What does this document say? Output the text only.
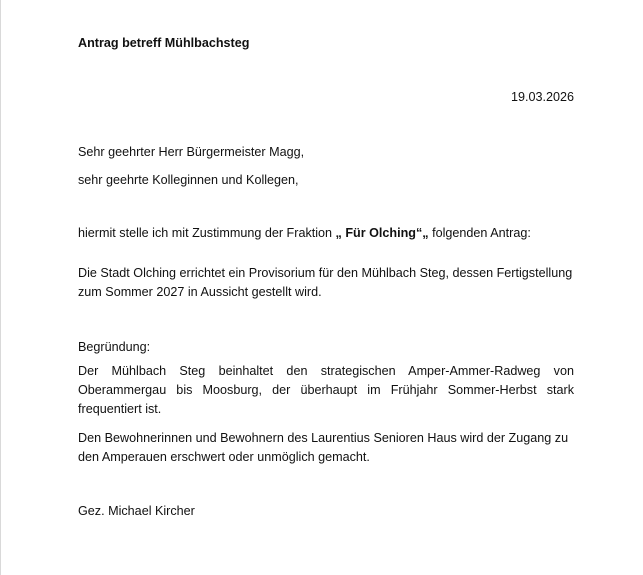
Antrag betreff Mühlbachsteg
19.03.2026
Sehr geehrter Herr Bürgermeister Magg,
sehr geehrte Kolleginnen und Kollegen,
hiermit stelle ich mit Zustimmung der Fraktion „ Für Olching“„ folgenden Antrag:
Die Stadt Olching errichtet ein Provisorium für den Mühlbach Steg, dessen Fertigstellung zum Sommer 2027 in Aussicht gestellt wird.
Begründung:
Der Mühlbach Steg beinhaltet den strategischen Amper-Ammer-Radweg von Oberammergau bis Moosburg, der überhaupt im Frühjahr Sommer-Herbst stark frequentiert ist.
Den Bewohnerinnen und Bewohnern des Laurentius Senioren Haus wird der Zugang zu den Amperauen erschwert oder unmöglich gemacht.
Gez. Michael Kircher
